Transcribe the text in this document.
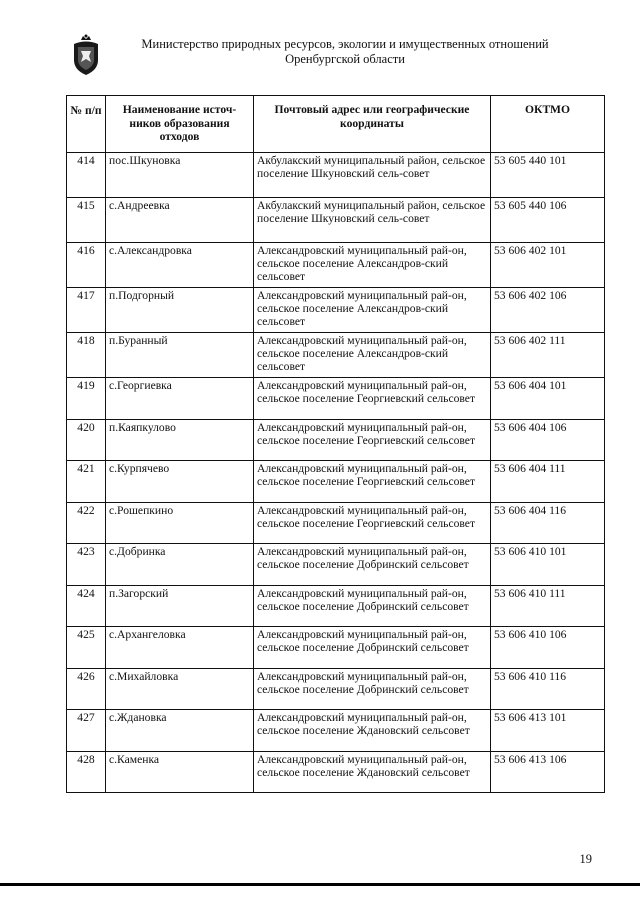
Министерство природных ресурсов, экологии и имущественных отношений
Оренбургской области
№ п/п	Наименование источ-ников образования отходов	Почтовый адрес или географические координаты	ОКТМО
414	пос.Шкуновка	Акбулакский муниципальный район, сельское поселение Шкуновский сель-совет	53 605 440 101
415	с.Андреевка	Акбулакский муниципальный район, сельское поселение Шкуновский сель-совет	53 605 440 106
416	с.Александровка	Александровский муниципальный рай-он, сельское поселение Александров-ский сельсовет	53 606 402 101
417	п.Подгорный	Александровский муниципальный рай-он, сельское поселение Александров-ский сельсовет	53 606 402 106
418	п.Буранный	Александровский муниципальный рай-он, сельское поселение Александров-ский сельсовет	53 606 402 111
419	с.Георгиевка	Александровский муниципальный рай-он, сельское поселение Георгиевский сельсовет	53 606 404 101
420	п.Каяпкулово	Александровский муниципальный рай-он, сельское поселение Георгиевский сельсовет	53 606 404 106
421	с.Курпячево	Александровский муниципальный рай-он, сельское поселение Георгиевский сельсовет	53 606 404 111
422	с.Рошепкино	Александровский муниципальный рай-он, сельское поселение Георгиевский сельсовет	53 606 404 116
423	с.Добринка	Александровский муниципальный рай-он, сельское поселение Добринский сельсовет	53 606 410 101
424	п.Загорский	Александровский муниципальный рай-он, сельское поселение Добринский сельсовет	53 606 410 111
425	с.Архангеловка	Александровский муниципальный рай-он, сельское поселение Добринский сельсовет	53 606 410 106
426	с.Михайловка	Александровский муниципальный рай-он, сельское поселение Добринский сельсовет	53 606 410 116
427	с.Ждановка	Александровский муниципальный рай-он, сельское поселение Ждановский сельсовет	53 606 413 101
428	с.Каменка	Александровский муниципальный рай-он, сельское поселение Ждановский сельсовет	53 606 413 106
19
